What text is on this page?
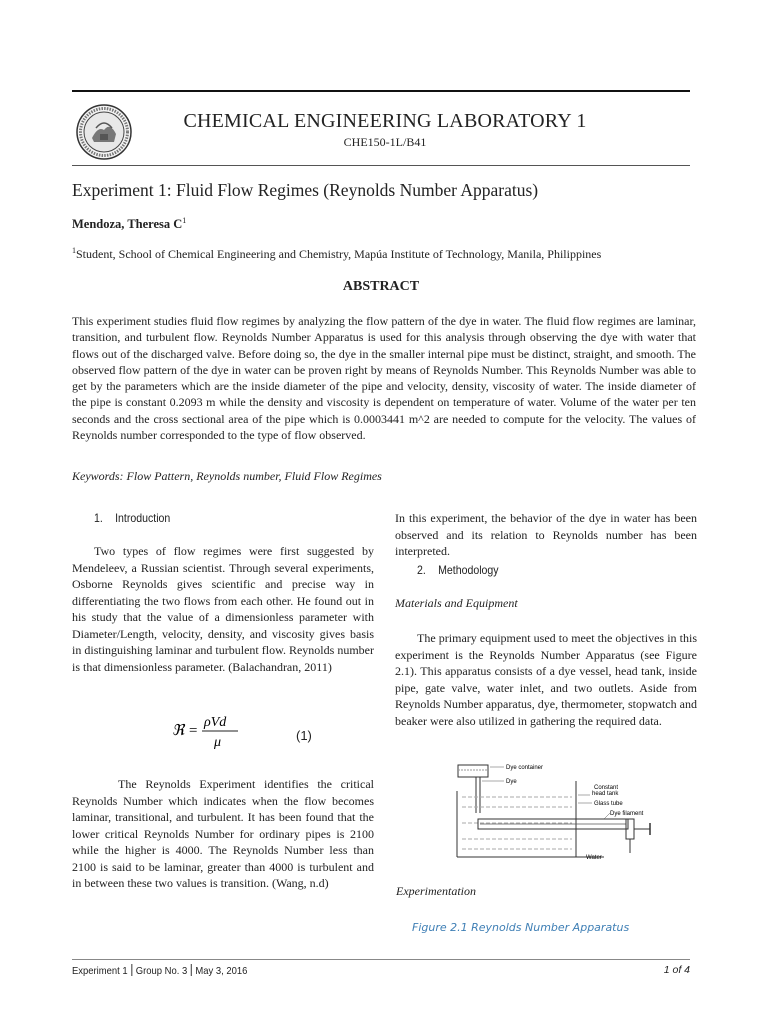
CHEMICAL ENGINEERING LABORATORY 1
CHE150-1L/B41
Experiment 1: Fluid Flow Regimes (Reynolds Number Apparatus)
Mendoza, Theresa $C^1$
$^1$Student, School of Chemical Engineering and Chemistry, Mapúa Institute of Technology, Manila, Philippines
ABSTRACT
This experiment studies fluid flow regimes by analyzing the flow pattern of the dye in water. The fluid flow regimes are laminar, transition, and turbulent flow. Reynolds Number Apparatus is used for this analysis through observing the dye with water that flows out of the discharged valve. Before doing so, the dye in the smaller internal pipe must be distinct, straight, and smooth. The observed flow pattern of the dye in water can be proven right by means of Reynolds Number. This Reynolds Number was able to get by the parameters which are the inside diameter of the pipe and velocity, density, viscosity of water. The inside diameter of the pipe is constant 0.2093 m while the density and viscosity is dependent on temperature of water. Volume of the water per ten seconds and the cross sectional area of the pipe which is 0.0003441 m^2 are needed to compute for the velocity. The values of Reynolds number corresponded to the type of flow observed.
Keywords: Flow Pattern, Reynolds number, Fluid Flow Regimes
1. Introduction

Two types of flow regimes were first suggested by Mendeleev, a Russian scientist. Through several experiments, Osborne Reynolds gives scientific and precise way in differentiating the two flows from each other. He found out in his study that the value of a dimensionless parameter with Diameter/Length, velocity, density, and viscosity gives basis in distinguishing laminar and turbulent flow. Reynolds number is that dimensionless parameter. (Balachandran, 2011)

ℜ =
ρVd
μ	(1)

The Reynolds Experiment identifies the critical Reynolds Number which indicates when the flow becomes laminar, transitional, and turbulent. It has been found that the lower critical Reynolds Number for ordinary pipes is 2100 while the higher is 4000. The Reynolds Number less than 2100 is said to be laminar, greater than 4000 is turbulent and in between these two values is transition. (Wang, n.d)

In this experiment, the behavior of the dye in water has been observed and its relation to Reynolds number has been interpreted.

2. Methodology
Materials and Equipment

The primary equipment used to meet the objectives in this experiment is the Reynolds Number Apparatus (see Figure 2.1). This apparatus consists of a dye vessel, head tank, inside pipe, gate valve, water inlet, and two outlets. Aside from Reynolds Number apparatus, dye, thermometer, stopwatch and beaker were also utilized in gathering the required data.

Dye container
Dye
Constant
head tank
Glass tube
Dye filament
Water
Experimentation
Figure 2.1 Reynolds Number Apparatus
Experiment 1 Group No. 3 May 3, 2016	1 of 4
